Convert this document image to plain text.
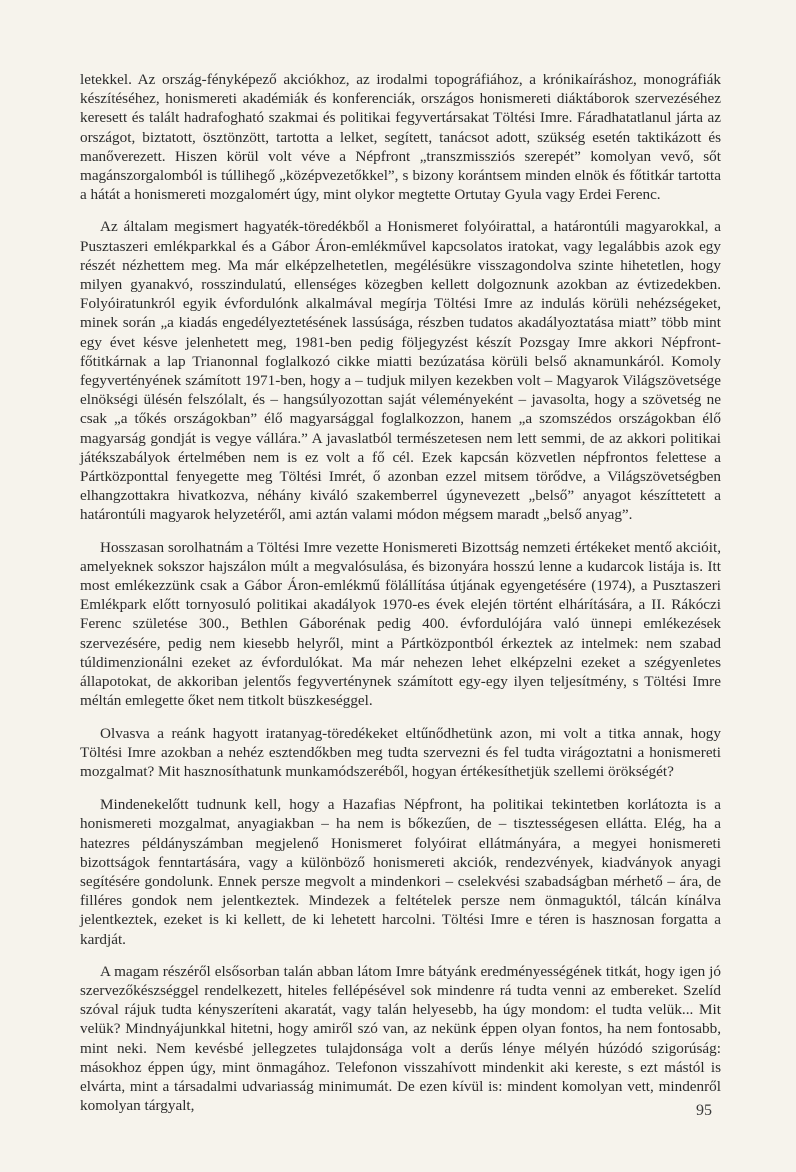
letekkel. Az ország-fényképező akciókhoz, az irodalmi topográfiához, a krónikaíráshoz, monográfiák készítéséhez, honismereti akadémiák és konferenciák, országos honismereti diáktáborok szervezéséhez keresett és talált hadrafogható szakmai és politikai fegyvertársakat Töltési Imre. Fáradhatatlanul járta az országot, biztatott, ösztönzött, tartotta a lelket, segített, tanácsot adott, szükség esetén taktikázott és manőverezett. Hiszen körül volt véve a Népfront „transzmissziós szerepét” komolyan vevő, sőt magánszorgalomból is túllihegő „középvezetőkkel”, s bizony korántsem minden elnök és főtitkár tartotta a hátát a honismereti mozgalomért úgy, mint olykor megtette Ortutay Gyula vagy Erdei Ferenc.

Az általam megismert hagyaték-töredékből a Honismeret folyóirattal, a határontúli magyarokkal, a Pusztaszeri emlékparkkal és a Gábor Áron-emlékművel kapcsolatos iratokat, vagy legalábbis azok egy részét nézhettem meg. Ma már elképzelhetetlen, megélésükre visszagondolva szinte hihetetlen, hogy milyen gyanakvó, rosszindulatú, ellenséges közegben kellett dolgoznunk azokban az évtizedekben. Folyóiratunkról egyik évfordulónk alkalmával megírja Töltési Imre az indulás körüli nehézségeket, minek során „a kiadás engedélyeztetésének lassúsága, részben tudatos akadályoztatása miatt” több mint egy évet késve jelenhetett meg, 1981-ben pedig följegyzést készít Pozsgay Imre akkori Népfront-főtitkárnak a lap Trianonnal foglalkozó cikke miatti bezúzatása körüli belső aknamunkáról. Komoly fegyvertényének számított 1971-ben, hogy a – tudjuk milyen kezekben volt – Magyarok Világszövetsége elnökségi ülésén felszólalt, és – hangsúlyozottan saját véleményeként – javasolta, hogy a szövetség ne csak „a tőkés országokban” élő magyarsággal foglalkozzon, hanem „a szomszédos országokban élő magyarság gondját is vegye vállára.” A javaslatból természetesen nem lett semmi, de az akkori politikai játékszabályok értelmében nem is ez volt a fő cél. Ezek kapcsán közvetlen népfrontos felettese a Pártközponttal fenyegette meg Töltési Imrét, ő azonban ezzel mitsem törődve, a Világszövetségben elhangzottakra hivatkozva, néhány kiváló szakemberrel úgynevezett „belső” anyagot készíttetett a határontúli magyarok helyzetéről, ami aztán valami módon mégsem maradt „belső anyag”.

Hosszasan sorolhatnám a Töltési Imre vezette Honismereti Bizottság nemzeti értékeket mentő akcióit, amelyeknek sokszor hajszálon múlt a megvalósulása, és bizonyára hosszú lenne a kudarcok listája is. Itt most emlékezzünk csak a Gábor Áron-emlékmű fölállítása útjának egyengetésére (1974), a Pusztaszeri Emlékpark előtt tornyosuló politikai akadályok 1970-es évek elején történt elhárítására, a II. Rákóczi Ferenc születése 300., Bethlen Gáborénak pedig 400. évfordulójára való ünnepi emlékezések szervezésére, pedig nem kiesebb helyről, mint a Pártközpontból érkeztek az intelmek: nem szabad túldimenzionálni ezeket az évfordulókat. Ma már nehezen lehet elképzelni ezeket a szégyenletes állapotokat, de akkoriban jelentős fegyverténynek számított egy-egy ilyen teljesítmény, s Töltési Imre méltán emlegette őket nem titkolt büszkeséggel.

Olvasva a reánk hagyott iratanyag-töredékeket eltűnődhetünk azon, mi volt a titka annak, hogy Töltési Imre azokban a nehéz esztendőkben meg tudta szervezni és fel tudta virágoztatni a honismereti mozgalmat? Mit hasznosíthatunk munkamódszeréből, hogyan értékesíthetjük szellemi örökségét?

Mindenekelőtt tudnunk kell, hogy a Hazafias Népfront, ha politikai tekintetben korlátozta is a honismereti mozgalmat, anyagiakban – ha nem is bőkezűen, de – tisztességesen ellátta. Elég, ha a hatezres példányszámban megjelenő Honismeret folyóirat ellátmányára, a megyei honismereti bizottságok fenntartására, vagy a különböző honismereti akciók, rendezvények, kiadványok anyagi segítésére gondolunk. Ennek persze megvolt a mindenkori – cselekvési szabadságban mérhető – ára, de filléres gondok nem jelentkeztek. Mindezek a feltételek persze nem önmaguktól, tálcán kínálva jelentkeztek, ezeket is ki kellett, de ki lehetett harcolni. Töltési Imre e téren is hasznosan forgatta a kardját.

A magam részéről elsősorban talán abban látom Imre bátyánk eredményességének titkát, hogy igen jó szervezőkészséggel rendelkezett, hiteles fellépésével sok mindenre rá tudta venni az embereket. Szelíd szóval rájuk tudta kényszeríteni akaratát, vagy talán helyesebb, ha úgy mondom: el tudta velük... Mit velük? Mindnyájunkkal hitetni, hogy amiről szó van, az nekünk éppen olyan fontos, ha nem fontosabb, mint neki. Nem kevésbé jellegzetes tulajdonsága volt a derűs lénye mélyén húzódó szigorúság: másokhoz éppen úgy, mint önmagához. Telefonon visszahívott mindenkit aki kereste, s ezt mástól is elvárta, mint a társadalmi udvariasság minimumát. De ezen kívül is: mindent komolyan vett, mindenről komolyan tárgyalt,	95
